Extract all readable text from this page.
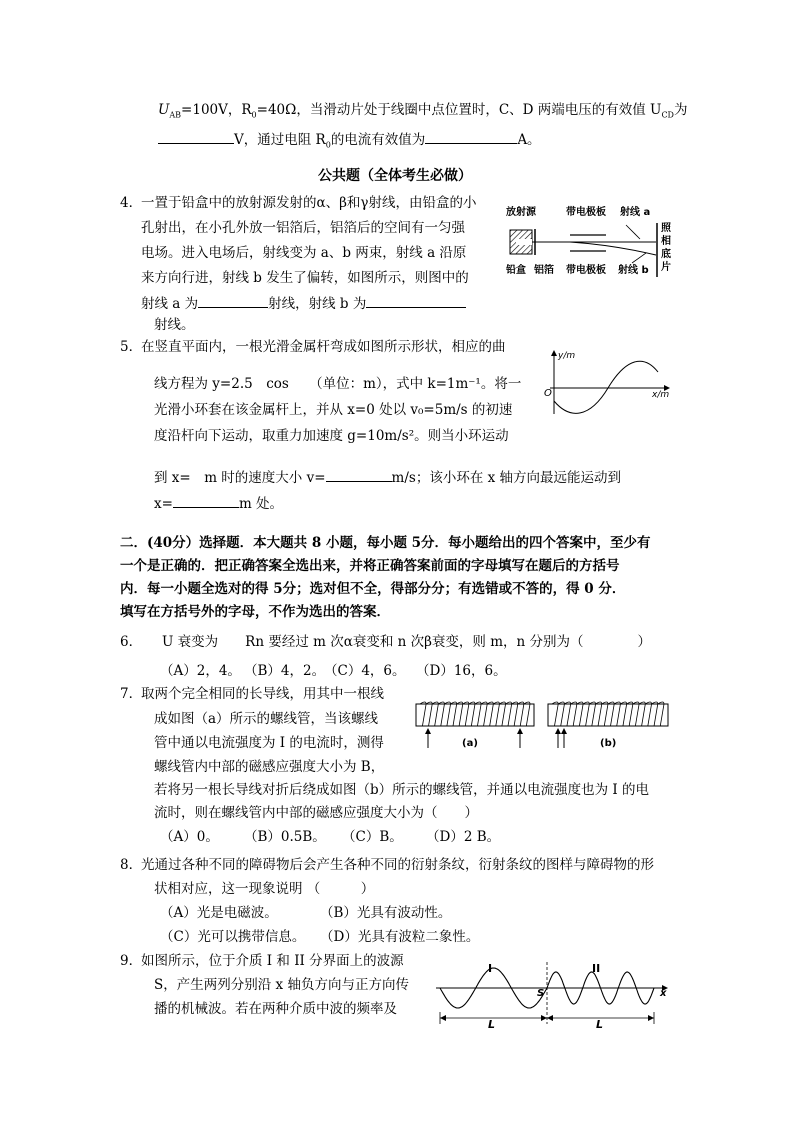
$U_{AB}=100V$，$R_0=40\Omega$，当滑动片处于线圈中点位置时，C、D 两端电压的有效值 $U_{CD}$为
V，通过电阻 $R_0$的电流有效值为	A。
公共题（全体考生必做）
4．
一置于铅盒中的放射源发射的α、β和γ射线，由铅盒的小
孔射出，在小孔外放一铝箔后，铝箔后的空间有一匀强
电场。进入电场后，射线变为 a、b 两束，射线 a 沿原
来方向行进，射线 b 发生了偏转，如图所示，则图中的
射线 a 为	射线，射线 b 为
射线。
放射源	带电极板 射线 a
照
相
底
片
铅盒 铝箔 带电极板 射线 b
5．
在竖直平面内，一根光滑金属杆弯成如图所示形状，相应的曲
线方程为 y=2.5　cos　　（单位：m），式中 k=1m⁻¹。将一
光滑小环套在该金属杆上，并从 x=0 处以 v₀=5m/s 的初速
度沿杆向下运动，取重力加速度 g=10m/s²。则当小环运动
到 x=　m 时的速度大小 v=	m/s；该小环在 x 轴方向最远能运动到
x=	m 处。
y/m
x/m
O
二．(40分）选择题．本大题共 8 小题，每小题 5分．每小题给出的四个答案中，至少有
一个是正确的．把正确答案全选出来，并将正确答案前面的字母填写在题后的方括号
内．每一小题全选对的得 5分；选对但不全，得部分分；有选错或不答的，得 0 分．
填写在方括号外的字母，不作为选出的答案．
6． U 衰变为　　Rn 要经过 m 次α衰变和 n 次β衰变，则 m，n 分别为（　　　　）
（A）2，4。 （B）4，2。
（C）4，6。 （D）16，6。
7．
取两个完全相同的长导线，用其中一根线
成如图（a）所示的螺线管，当该螺线
管中通以电流强度为 I 的电流时，测得
螺线管内中部的磁感应强度大小为 B，
若将另一根长导线对折后绕成如图（b）所示的螺线管，并通以电流强度也为 I 的电
流时，则在螺线管内中部的磁感应强度大小为（　　）
（A）0。 （B）0.5B。 （C）B。 （D）2 B。
(a)	(b)
8．
光通过各种不同的障碍物后会产生各种不同的衍射条纹，衍射条纹的图样与障碍物的形
状相对应，这一现象说明 （　　　）
（A）光是电磁波。	（B）光具有波动性。
（C）光可以携带信息。 （D）光具有波粒二象性。
9．
如图所示，位于介质 I 和 II 分界面上的波源
S，产生两列分别沿 x 轴负方向与正方向传
播的机械波。若在两种介质中波的频率及
I	II
S	x
L	L
